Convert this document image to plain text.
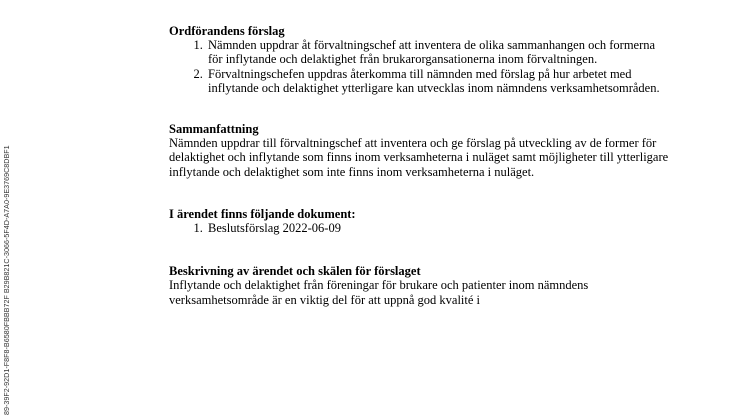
89-39F2-92D1-F8F8-B6580FBBB72F B29B821C-3066-5F4D-A7A0-9E3769C8DBF1

Ordförandens förslag

1. Nämnden uppdrar åt förvaltningschef att inventera de olika sammanhangen och formerna för inflytande och delaktighet från brukarorgansationerna inom förvaltningen.
2. Förvaltningschefen uppdras återkomma till nämnden med förslag på hur arbetet med inflytande och delaktighet ytterligare kan utvecklas inom nämndens verksamhetsområden.

Sammanfattning

Nämnden uppdrar till förvaltningschef att inventera och ge förslag på utveckling av de former för delaktighet och inflytande som finns inom verksamheterna i nuläget samt möjligheter till ytterligare inflytande och delaktighet som inte finns inom verksamheterna i nuläget.

I ärendet finns följande dokument:

1. Beslutsförslag 2022-06-09

Beskrivning av ärendet och skälen för förslaget

Inflytande och delaktighet från föreningar för brukare och patienter inom nämndens verksamhetsområde är en viktig del för att uppnå god kvalité i
